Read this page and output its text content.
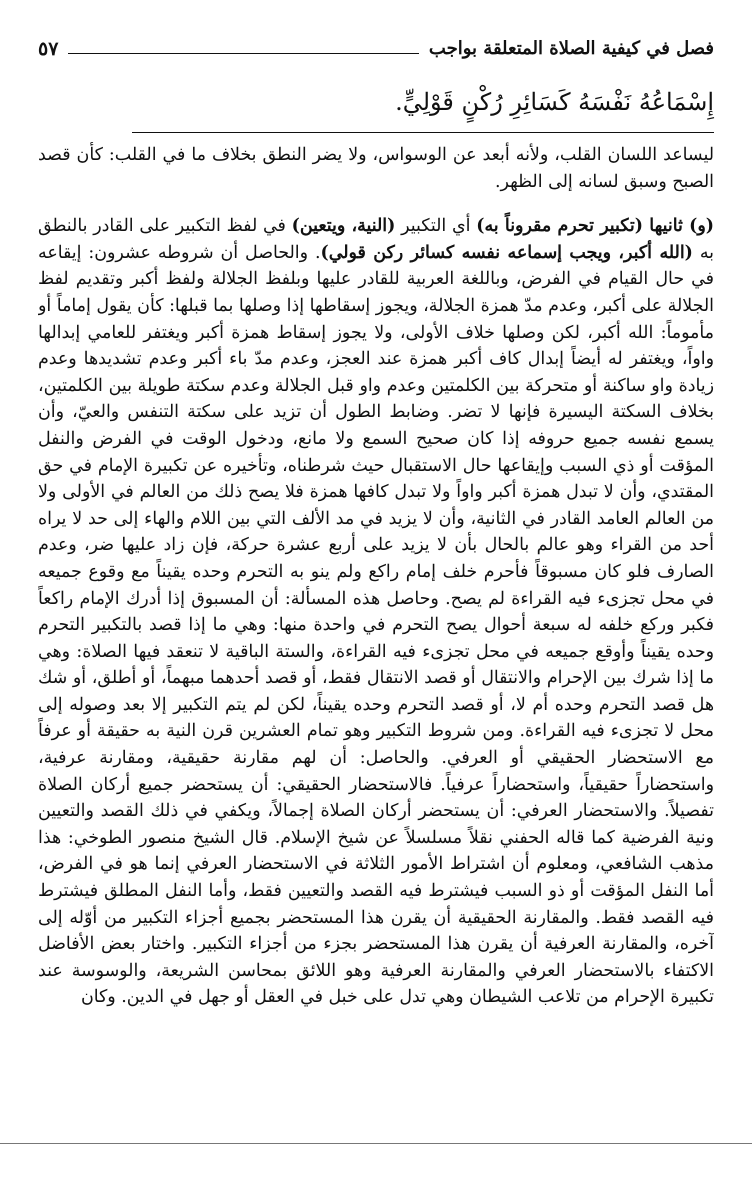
٥٧	فصل في كيفية الصلاة المتعلقة بواجب
إِسْمَاعُهُ نَفْسَهُ كَسَائِرِ رُكْنٍ قَوْلِيٍّ.

ليساعد اللسان القلب، ولأنه أبعد عن الوسواس، ولا يضر النطق بخلاف ما في القلب: كأن قصد الصبح وسبق لسانه إلى الظهر.

(و) ثانيها (تكبير تحرم مقروناً به) أي التكبير (النية، ويتعين) في لفظ التكبير على القادر بالنطق به (الله أكبر، ويجب إسماعه نفسه كسائر ركن قولي). والحاصل أن شروطه عشرون: إيقاعه في حال القيام في الفرض، وباللغة العربية للقادر عليها وبلفظ الجلالة ولفظ أكبر وتقديم لفظ الجلالة على أكبر، وعدم مدّ همزة الجلالة، ويجوز إسقاطها إذا وصلها بما قبلها: كأن يقول إماماً أو مأموماً: الله أكبر، لكن وصلها خلاف الأولى، ولا يجوز إسقاط همزة أكبر ويغتفر للعامي إبدالها واواً، ويغتفر له أيضاً إبدال كاف أكبر همزة عند العجز، وعدم مدّ باء أكبر وعدم تشديدها وعدم زيادة واو ساكنة أو متحركة بين الكلمتين وعدم واو قبل الجلالة وعدم سكتة طويلة بين الكلمتين، بخلاف السكتة اليسيرة فإنها لا تضر. وضابط الطول أن تزيد على سكتة التنفس والعيّ، وأن يسمع نفسه جميع حروفه إذا كان صحيح السمع ولا مانع، ودخول الوقت في الفرض والنفل المؤقت أو ذي السبب وإيقاعها حال الاستقبال حيث شرطناه، وتأخيره عن تكبيرة الإمام في حق المقتدي، وأن لا تبدل همزة أكبر واواً ولا تبدل كافها همزة فلا يصح ذلك من العالم في الأولى ولا من العالم العامد القادر في الثانية، وأن لا يزيد في مد الألف التي بين اللام والهاء إلى حد لا يراه أحد من القراء وهو عالم بالحال بأن لا يزيد على أربع عشرة حركة، فإن زاد عليها ضر، وعدم الصارف فلو كان مسبوقاً فأحرم خلف إمام راكع ولم ينو به التحرم وحده يقيناً مع وقوع جميعه في محل تجزىء فيه القراءة لم يصح. وحاصل هذه المسألة: أن المسبوق إذا أدرك الإمام راكعاً فكبر وركع خلفه له سبعة أحوال يصح التحرم في واحدة منها: وهي ما إذا قصد بالتكبير التحرم وحده يقيناً وأوقع جميعه في محل تجزىء فيه القراءة، والستة الباقية لا تنعقد فيها الصلاة: وهي ما إذا شرك بين الإحرام والانتقال أو قصد الانتقال فقط، أو قصد أحدهما مبهماً، أو أطلق، أو شك هل قصد التحرم وحده أم لا، أو قصد التحرم وحده يقيناً، لكن لم يتم التكبير إلا بعد وصوله إلى محل لا تجزىء فيه القراءة. ومن شروط التكبير وهو تمام العشرين قرن النية به حقيقة أو عرفاً مع الاستحضار الحقيقي أو العرفي. والحاصل: أن لهم مقارنة حقيقية، ومقارنة عرفية، واستحضاراً حقيقياً، واستحضاراً عرفياً. فالاستحضار الحقيقي: أن يستحضر جميع أركان الصلاة تفصيلاً. والاستحضار العرفي: أن يستحضر أركان الصلاة إجمالاً، ويكفي في ذلك القصد والتعيين ونية الفرضية كما قاله الحفني نقلاً مسلسلاً عن شيخ الإسلام. قال الشيخ منصور الطوخي: هذا مذهب الشافعي، ومعلوم أن اشتراط الأمور الثلاثة في الاستحضار العرفي إنما هو في الفرض، أما النفل المؤقت أو ذو السبب فيشترط فيه القصد والتعيين فقط، وأما النفل المطلق فيشترط فيه القصد فقط. والمقارنة الحقيقية أن يقرن هذا المستحضر بجميع أجزاء التكبير من أوّله إلى آخره، والمقارنة العرفية أن يقرن هذا المستحضر بجزء من أجزاء التكبير. واختار بعض الأفاضل الاكتفاء بالاستحضار العرفي والمقارنة العرفية وهو اللائق بمحاسن الشريعة، والوسوسة عند تكبيرة الإحرام من تلاعب الشيطان وهي تدل على خبل في العقل أو جهل في الدين. وكان
